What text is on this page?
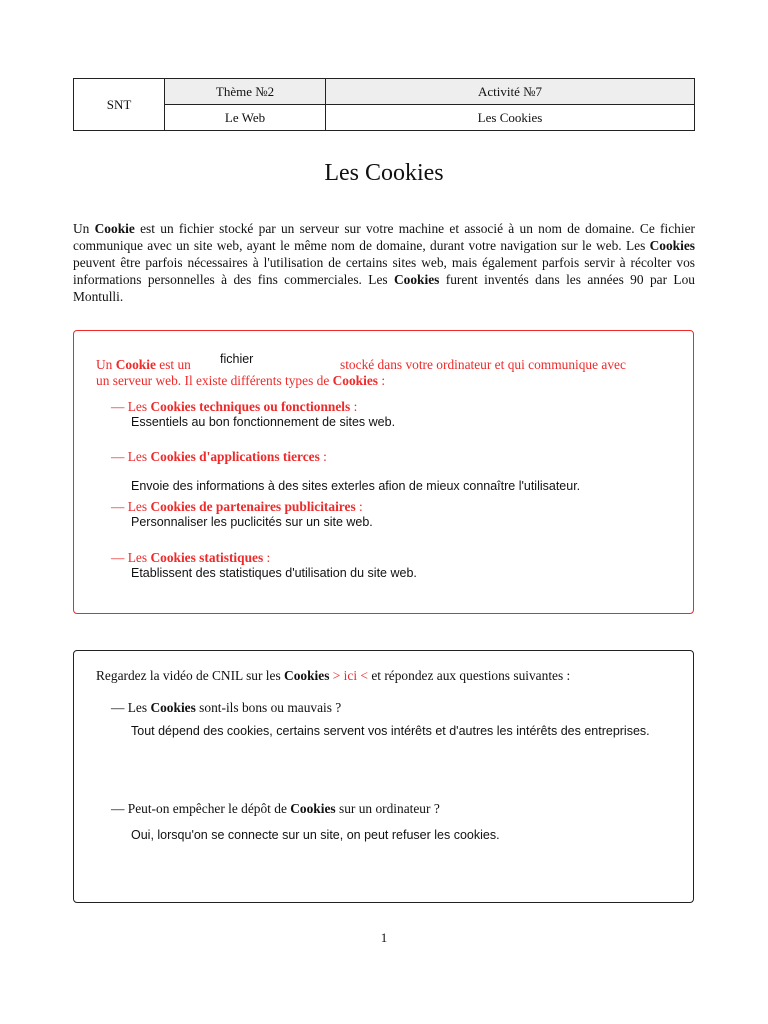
SNT	Thème №2	Activité №7
	Le Web	Les Cookies
Les Cookies
Un Cookie est un fichier stocké par un serveur sur votre machine et associé à un nom de domaine. Ce fichier communique avec un site web, ayant le même nom de domaine, durant votre navigation sur le web. Les Cookies peuvent être parfois nécessaires à l'utilisation de certains sites web, mais également parfois servir à récolter vos informations personnelles à des fins commerciales. Les Cookies furent inventés dans les années 90 par Lou Montulli.
Un Cookie est un fichier	stocké dans votre ordinateur et qui communique avec
un serveur web. Il existe différents types de Cookies :
— Les Cookies techniques ou fonctionnels :
Essentiels au bon fonctionnement de sites web.
— Les Cookies d'applications tierces :
Envoie des informations à des sites exterles afion de mieux connaître l'utilisateur.
— Les Cookies de partenaires publicitaires :
Personnaliser les puclicités sur un site web.
— Les Cookies statistiques :
Etablissent des statistiques d'utilisation du site web.
Regardez la vidéo de CNIL sur les Cookies > ici < et répondez aux questions suivantes :
— Les Cookies sont-ils bons ou mauvais ?
Tout dépend des cookies, certains servent vos intérêts et d'autres les intérêts des entreprises.
— Peut-on empêcher le dépôt de Cookies sur un ordinateur ?
Oui, lorsqu'on se connecte sur un site, on peut refuser les cookies.
1
